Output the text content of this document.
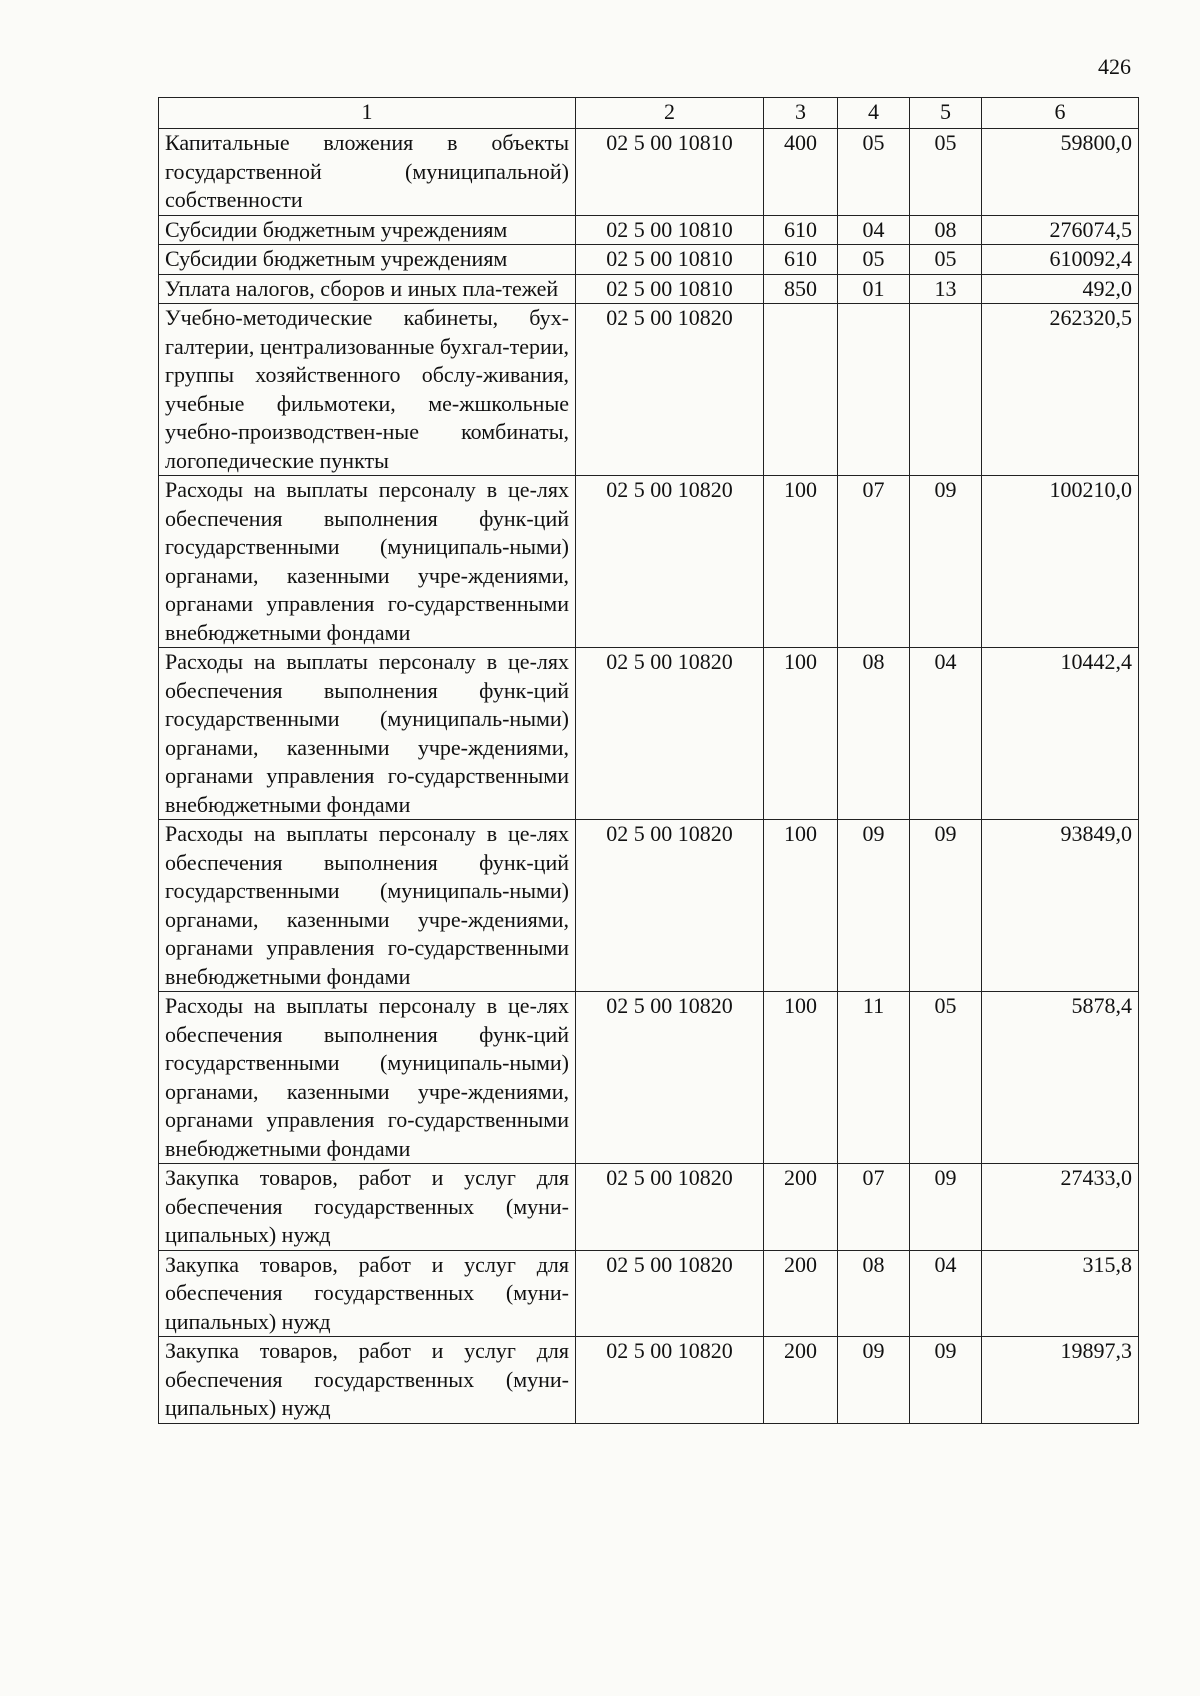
426
1	2	3	4	5	6
Капитальные вложения в объекты государственной (муниципальной) собственности	02 5 00 10810	400	05	05	59800,0
Субсидии бюджетным учреждениям	02 5 00 10810	610	04	08	276074,5
Субсидии бюджетным учреждениям	02 5 00 10810	610	05	05	610092,4
Уплата налогов, сборов и иных пла-тежей	02 5 00 10810	850	01	13	492,0
Учебно-методические кабинеты, бух-галтерии, централизованные бухгал-терии, группы хозяйственного обслу-живания, учебные фильмотеки, ме-жшкольные учебно-производствен-ные комбинаты, логопедические пункты	02 5 00 10820				262320,5
Расходы на выплаты персоналу в це-лях обеспечения выполнения функ-ций государственными (муниципаль-ными) органами, казенными учре-ждениями, органами управления го-сударственными внебюджетными фондами	02 5 00 10820	100	07	09	100210,0
Расходы на выплаты персоналу в це-лях обеспечения выполнения функ-ций государственными (муниципаль-ными) органами, казенными учре-ждениями, органами управления го-сударственными внебюджетными фондами	02 5 00 10820	100	08	04	10442,4
Расходы на выплаты персоналу в це-лях обеспечения выполнения функ-ций государственными (муниципаль-ными) органами, казенными учре-ждениями, органами управления го-сударственными внебюджетными фондами	02 5 00 10820	100	09	09	93849,0
Расходы на выплаты персоналу в це-лях обеспечения выполнения функ-ций государственными (муниципаль-ными) органами, казенными учре-ждениями, органами управления го-сударственными внебюджетными фондами	02 5 00 10820	100	11	05	5878,4
Закупка товаров, работ и услуг для обеспечения государственных (муни-ципальных) нужд	02 5 00 10820	200	07	09	27433,0
Закупка товаров, работ и услуг для обеспечения государственных (муни-ципальных) нужд	02 5 00 10820	200	08	04	315,8
Закупка товаров, работ и услуг для обеспечения государственных (муни-ципальных) нужд	02 5 00 10820	200	09	09	19897,3
